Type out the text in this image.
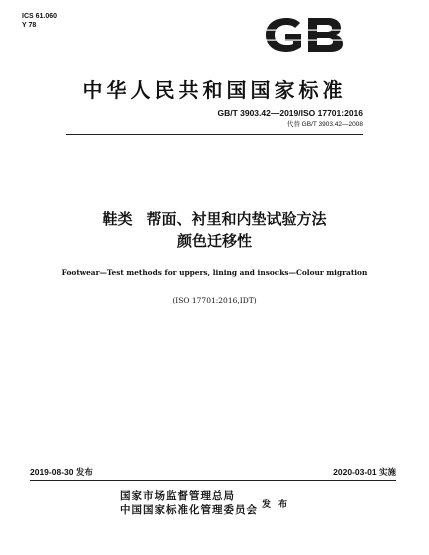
ICS 61.060
Y 78
中华人民共和国国家标准
GB/T 3903.42—2019/ISO 17701:2016
代替 GB/T 3903.42—2008
鞋类 帮面、衬里和内垫试验方法
颜色迁移性
Footwear—Test methods for uppers, lining and insocks—Colour migration
(ISO 17701:2016,IDT)
2019-08-30 发布	2020-03-01 实施
国家市场监督管理总局
中国国家标准化管理委员会 发 布
